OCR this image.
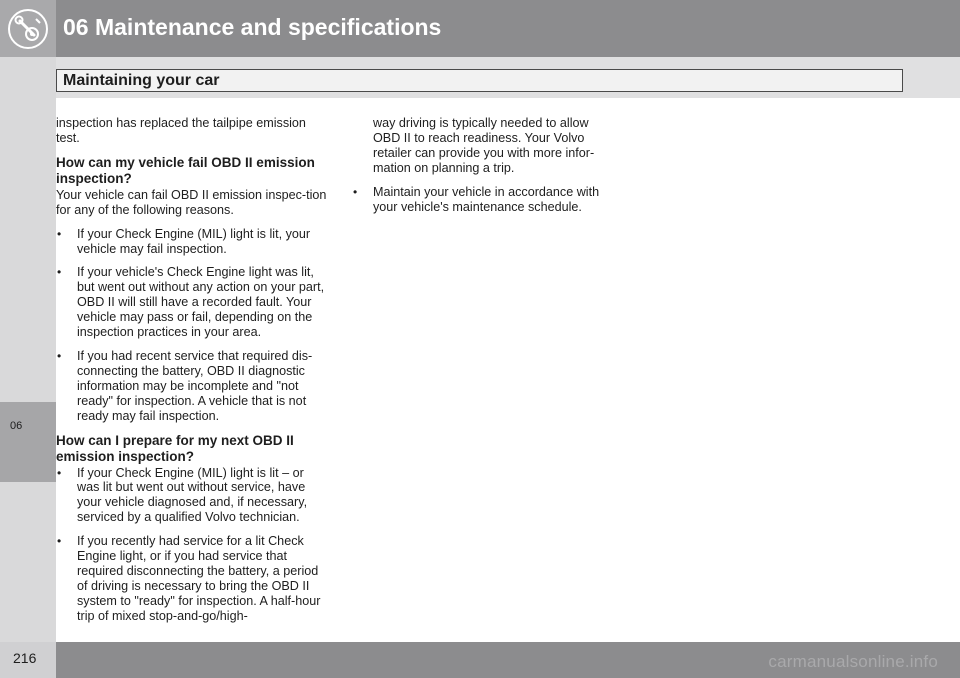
06 Maintenance and specifications
Maintaining your car
06

inspection has replaced the tailpipe emission test.

How can my vehicle fail OBD II emission inspection?

Your vehicle can fail OBD II emission inspec-tion for any of the following reasons.

• If your Check Engine (MIL) light is lit, your vehicle may fail inspection.
• If your vehicle's Check Engine light was lit, but went out without any action on your part, OBD II will still have a recorded fault. Your vehicle may pass or fail, depending on the inspection practices in your area.
• If you had recent service that required dis-connecting the battery, OBD II diagnostic information may be incomplete and "not ready" for inspection. A vehicle that is not ready may fail inspection.
How can I prepare for my next OBD II emission inspection?
• If your Check Engine (MIL) light is lit – or was lit but went out without service, have your vehicle diagnosed and, if necessary, serviced by a qualified Volvo technician.
• If you recently had service for a lit Check Engine light, or if you had service that required disconnecting the battery, a period of driving is necessary to bring the OBD II system to "ready" for inspection. A half-hour trip of mixed stop-and-go/high-
way driving is typically needed to allow OBD II to reach readiness. Your Volvo retailer can provide you with more infor-mation on planning a trip.
• Maintain your vehicle in accordance with your vehicle's maintenance schedule.
216	carmanualsonline.info
